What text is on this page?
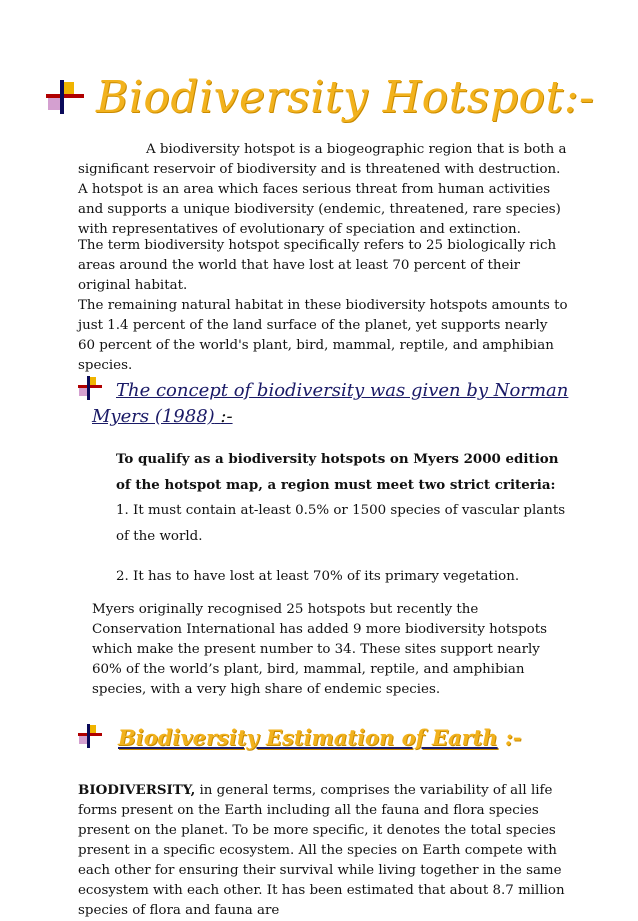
Biodiversity Hotspot:-
A biodiversity hotspot is a biogeographic region that is both a significant reservoir of biodiversity and is threatened with destruction. A hotspot is an area which faces serious threat from human activities and supports a unique biodiversity (endemic, threatened, rare species) with representatives of evolutionary of speciation and extinction.
The term biodiversity hotspot specifically refers to 25 biologically rich areas around the world that have lost at least 70 percent of their original habitat.
The remaining natural habitat in these biodiversity hotspots amounts to just 1.4 percent of the land surface of the planet, yet supports nearly 60 percent of the world's plant, bird, mammal, reptile, and amphibian species.
The concept of biodiversity was given by Norman Myers (1988) :-
To qualify as a biodiversity hotspots on Myers 2000 edition of the hotspot map, a region must meet two strict criteria:
1. It must contain at-least 0.5% or 1500 species of vascular plants of the world.
2. It has to have lost at least 70% of its primary vegetation.
Myers originally recognised 25 hotspots but recently the Conservation International has added 9 more biodiversity hotspots which make the present number to 34. These sites support nearly 60% of the world’s plant, bird, mammal, reptile, and amphibian species, with a very high share of endemic species.
Biodiversity Estimation of Earth :-
BIODIVERSITY, in general terms, comprises the variability of all life forms present on the Earth including all the fauna and flora species present on the planet. To be more specific, it denotes the total species present in a specific ecosystem. All the species on Earth compete with each other for ensuring their survival while living together in the same ecosystem with each other. It has been estimated that about 8.7 million species of flora and fauna are
